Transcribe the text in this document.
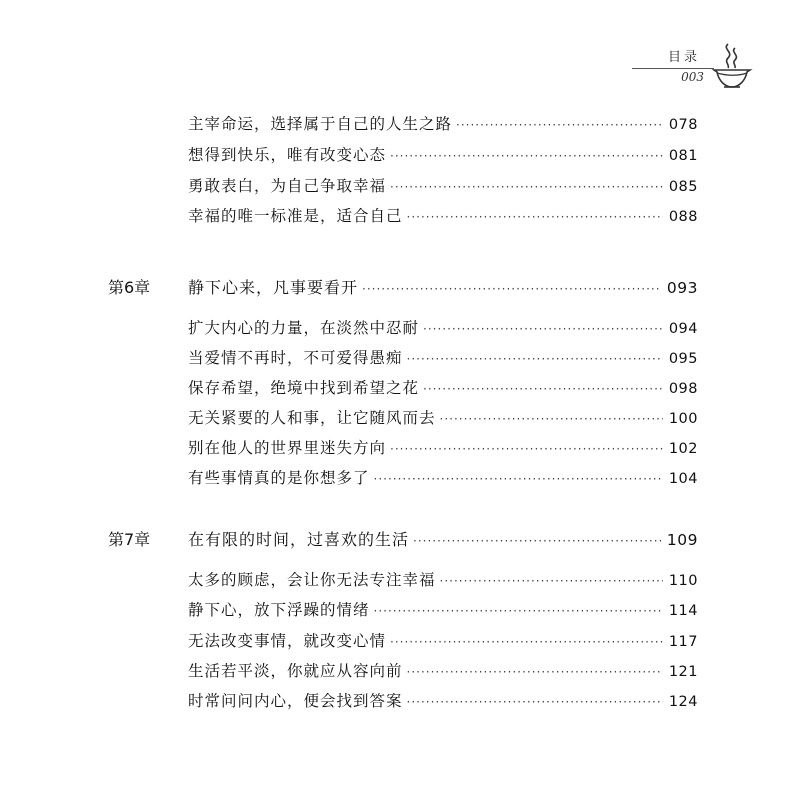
目录
003
主宰命运，选择属于自己的人生之路 ·····	078
想得到快乐，唯有改变心态 ·····	081
勇敢表白，为自己争取幸福 ·····	085
幸福的唯一标准是，适合自己 ·····	088
第6章	静下心来，凡事要看开 ·····	093
扩大内心的力量，在淡然中忍耐 ·····	094
当爱情不再时，不可爱得愚痴 ·····	095
保存希望，绝境中找到希望之花 ·····	098
无关紧要的人和事，让它随风而去 ·····	100
别在他人的世界里迷失方向 ·····	102
有些事情真的是你想多了 ·····	104
第7章	在有限的时间，过喜欢的生活 ·····	109
太多的顾虑，会让你无法专注幸福 ·····	110
静下心，放下浮躁的情绪 ·····	114
无法改变事情，就改变心情 ·····	117
生活若平淡，你就应从容向前 ·····	121
时常问问内心，便会找到答案 ·····	124
